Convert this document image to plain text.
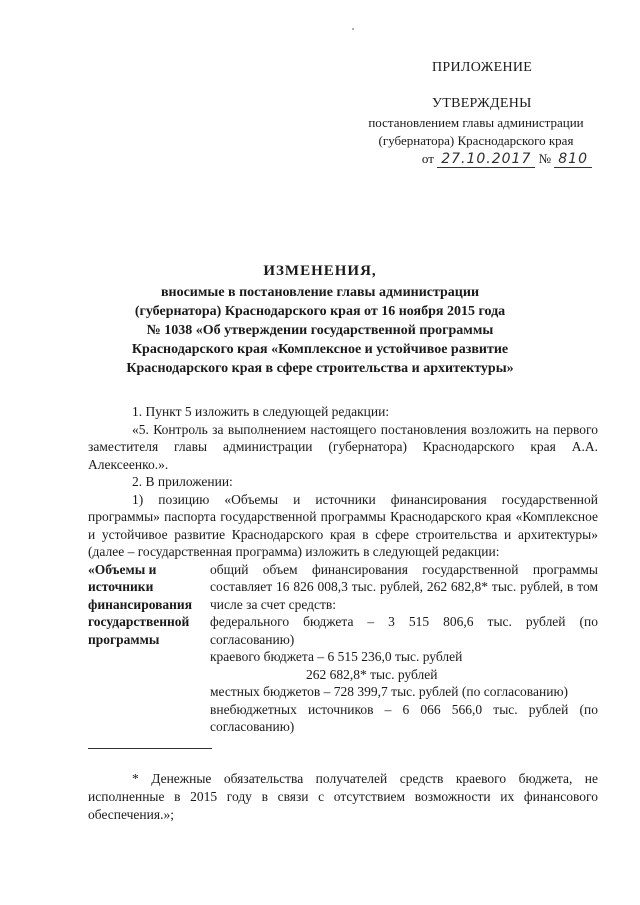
ПРИЛОЖЕНИЕ
УТВЕРЖДЕНЫ
постановлением главы администрации
(губернатора) Краснодарского края
от 27.10.2017 № 810
ИЗМЕНЕНИЯ,
вносимые в постановление главы администрации
(губернатора) Краснодарского края от 16 ноября 2015 года
№ 1038 «Об утверждении государственной программы
Краснодарского края «Комплексное и устойчивое развитие
Краснодарского края в сфере строительства и архитектуры»

1. Пункт 5 изложить в следующей редакции:

«5. Контроль за выполнением настоящего постановления возложить на первого заместителя главы администрации (губернатора) Краснодарского края А.А. Алексеенко.».

2. В приложении:

1) позицию «Объемы и источники финансирования государственной программы» паспорта государственной программы Краснодарского края «Комплексное и устойчивое развитие Краснодарского края в сфере строительства и архитектуры» (далее – государственная программа) изложить в следующей редакции:

«Объемы и
источники
финансирования
государственной
программы

общий объем финансирования государственной программы составляет 16 826 008,3 тыс. рублей, 262 682,8* тыс. рублей, в том числе за счет средств:

федерального бюджета – 3 515 806,6 тыс. рублей (по согласованию)

краевого бюджета – 6 515 236,0 тыс. рублей

262 682,8* тыс. рублей

местных бюджетов – 728 399,7 тыс. рублей (по согласованию)

внебюджетных источников – 6 066 566,0 тыс. рублей (по согласованию)

* Денежные обязательства получателей средств краевого бюджета, не исполненные в 2015 году в связи с отсутствием возможности их финансового обеспечения.»;
